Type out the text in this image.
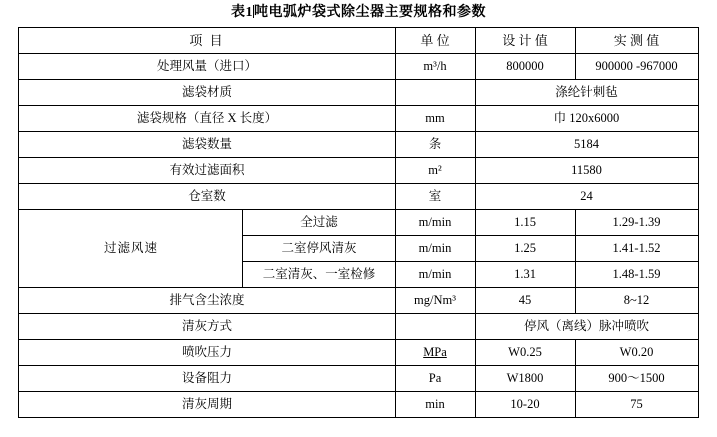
表1吨电弧炉袋式除尘器主要规格和参数
项 目		单 位	设 计 值	实 测 值
处理风量（进口）		m³/h	800000	900000 -967000
滤袋材质			涤纶针刺毡	
滤袋规格（直径 X 长度）		mm	巾 120x6000	
滤袋数量		条	5184	
有效过滤面积		m²	11580	
仓室数		室	24	
过滤风速	全过滤	m/min	1.15	1.29-1.39
	二室停风清灰	m/min	1.25	1.41-1.52
	二室清灰、一室检修	m/min	1.31	1.48-1.59
排气含尘浓度		mg/Nm³	45	8~12
清灰方式			停风（离线）脉冲喷吹	
喷吹压力		MPa	W0.25	W0.20
设备阻力		Pa	W1800	900～1500
清灰周期		min	10-20	75
